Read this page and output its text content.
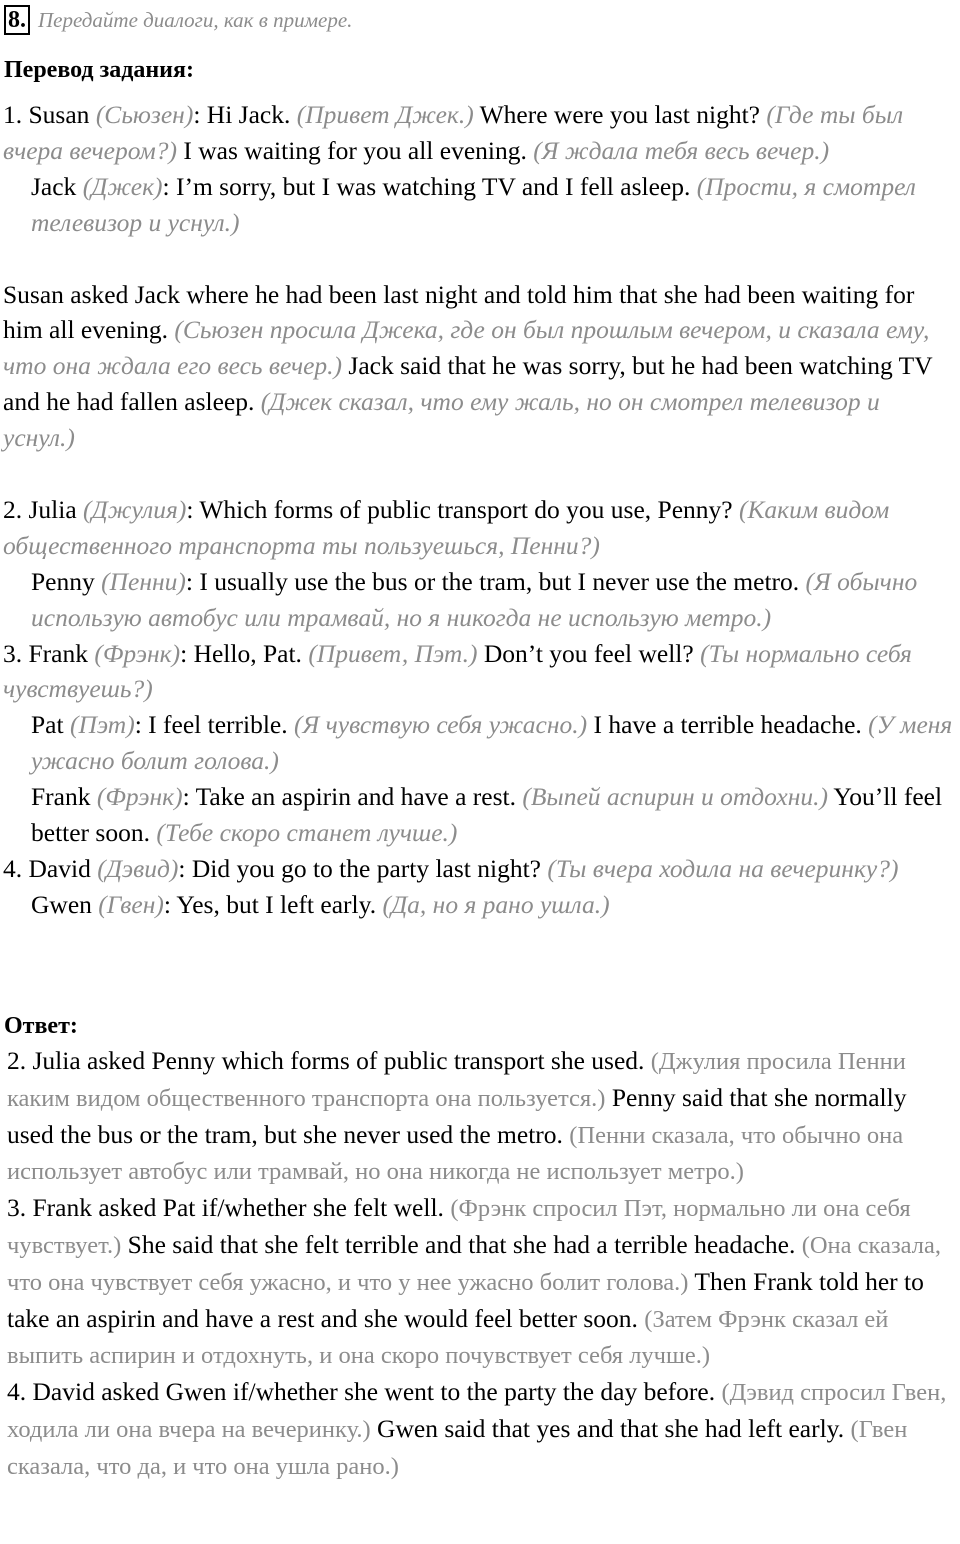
8. Передайте диалоги, как в примере.
Перевод задания:

1. Susan (Сьюзен): Hi Jack. (Привет Джек.) Where were you last night? (Где ты был вчера вечером?) I was waiting for you all evening. (Я ждала тебя весь вечер.)

Jack (Джек): I’m sorry, but I was watching TV and I fell asleep. (Прости, я смотрел телевизор и уснул.)

Susan asked Jack where he had been last night and told him that she had been waiting for him all evening. (Сьюзен просила Джека, где он был прошлым вечером, и сказала ему, что она ждала его весь вечер.) Jack said that he was sorry, but he had been watching TV and he had fallen asleep. (Джек сказал, что ему жаль, но он смотрел телевизор и уснул.)

2. Julia (Джулия): Which forms of public transport do you use, Penny? (Каким видом общественного транспорта ты пользуешься, Пенни?)

Penny (Пенни): I usually use the bus or the tram, but I never use the metro. (Я обычно использую автобус или трамвай, но я никогда не использую метро.)

3. Frank (Фрэнк): Hello, Pat. (Привет, Пэт.) Don’t you feel well? (Ты нормально себя чувствуешь?)

Pat (Пэт): I feel terrible. (Я чувствую себя ужасно.) I have a terrible headache. (У меня ужасно болит голова.)

Frank (Фрэнк): Take an aspirin and have a rest. (Выпей аспирин и отдохни.) You’ll feel better soon. (Тебе скоро станет лучше.)

4. David (Дэвид): Did you go to the party last night? (Ты вчера ходила на вечеринку?)

Gwen (Гвен): Yes, but I left early. (Да, но я рано ушла.)

Ответ:

2. Julia asked Penny which forms of public transport she used. (Джулия просила Пенни каким видом общественного транспорта она пользуется.) Penny said that she normally used the bus or the tram, but she never used the metro. (Пенни сказала, что обычно она использует автобус или трамвай, но она никогда не использует метро.)

3. Frank asked Pat if/whether she felt well. (Фрэнк спросил Пэт, нормально ли она себя чувствует.) She said that she felt terrible and that she had a terrible headache. (Она сказала, что она чувствует себя ужасно, и что у нее ужасно болит голова.) Then Frank told her to take an aspirin and have a rest and she would feel better soon. (Затем Фрэнк сказал ей выпить аспирин и отдохнуть, и она скоро почувствует себя лучше.)

4. David asked Gwen if/whether she went to the party the day before. (Дэвид спросил Гвен, ходила ли она вчера на вечеринку.) Gwen said that yes and that she had left early. (Гвен сказала, что да, и что она ушла рано.)
